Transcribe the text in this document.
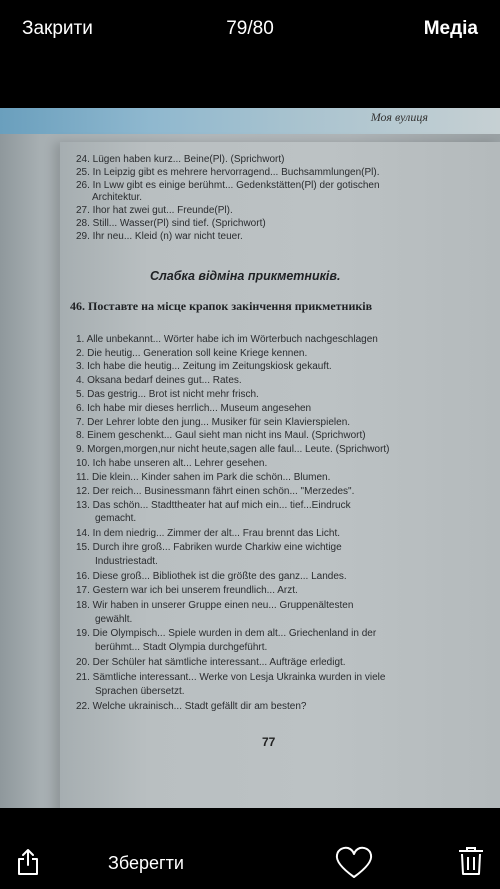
Закрити	79/80	Медіа
Моя вулиця
24. Lügen haben kurz... Beine(Pl). (Sprichwort)
25. In Leipzig gibt es mehrere hervorragend... Buchsammlungen(Pl).
26. In Lww gibt es einige berühmt... Gedenkstätten(Pl) der gotischen
Architektur.
27. Ihor hat zwei gut... Freunde(Pl).
28. Still... Wasser(Pl) sind tief. (Sprichwort)
29. Ihr neu... Kleid (n) war nicht teuer.
Слабка відміна прикметників.
46. Поставте на місце крапок закінчення прикметників
1. Alle unbekannt... Wörter habe ich im Wörterbuch nachgeschlagen
2. Die heutig... Generation soll keine Kriege kennen.
3. Ich habe die heutig... Zeitung im Zeitungskiosk gekauft.
4. Oksana bedarf deines gut... Rates.
5. Das gestrig... Brot ist nicht mehr frisch.
6. Ich habe mir dieses herrlich... Museum angesehen
7. Der Lehrer lobte den jung... Musiker für sein Klavierspielen.
8. Einem geschenkt... Gaul sieht man nicht ins Maul. (Sprichwort)
9. Morgen,morgen,nur nicht heute,sagen alle faul... Leute. (Sprichwort)
10. Ich habe unseren alt... Lehrer gesehen.
11. Die klein... Kinder sahen im Park die schön... Blumen.
12. Der reich... Businessmann fährt einen schön... "Merzedes".
13. Das schön... Stadttheater hat auf mich ein... tief...Eindruck
gemacht.
14. In dem niedrig... Zimmer der alt... Frau brennt das Licht.
15. Durch ihre groß... Fabriken wurde Charkiw eine wichtige
Industriestadt.
16. Diese groß... Bibliothek ist die größte des ganz... Landes.
17. Gestern war ich bei unserem freundlich... Arzt.
18. Wir haben in unserer Gruppe einen neu... Gruppenältesten
gewählt.
19. Die Olympisch... Spiele wurden in dem alt... Griechenland in der
berühmt... Stadt Olympia durchgeführt.
20. Der Schüler hat sämtliche interessant... Aufträge erledigt.
21. Sämtliche interessant... Werke von Lesja Ukrainka wurden in viele
Sprachen übersetzt.
22. Welche ukrainisch... Stadt gefällt dir am besten?
77
Зберегти
